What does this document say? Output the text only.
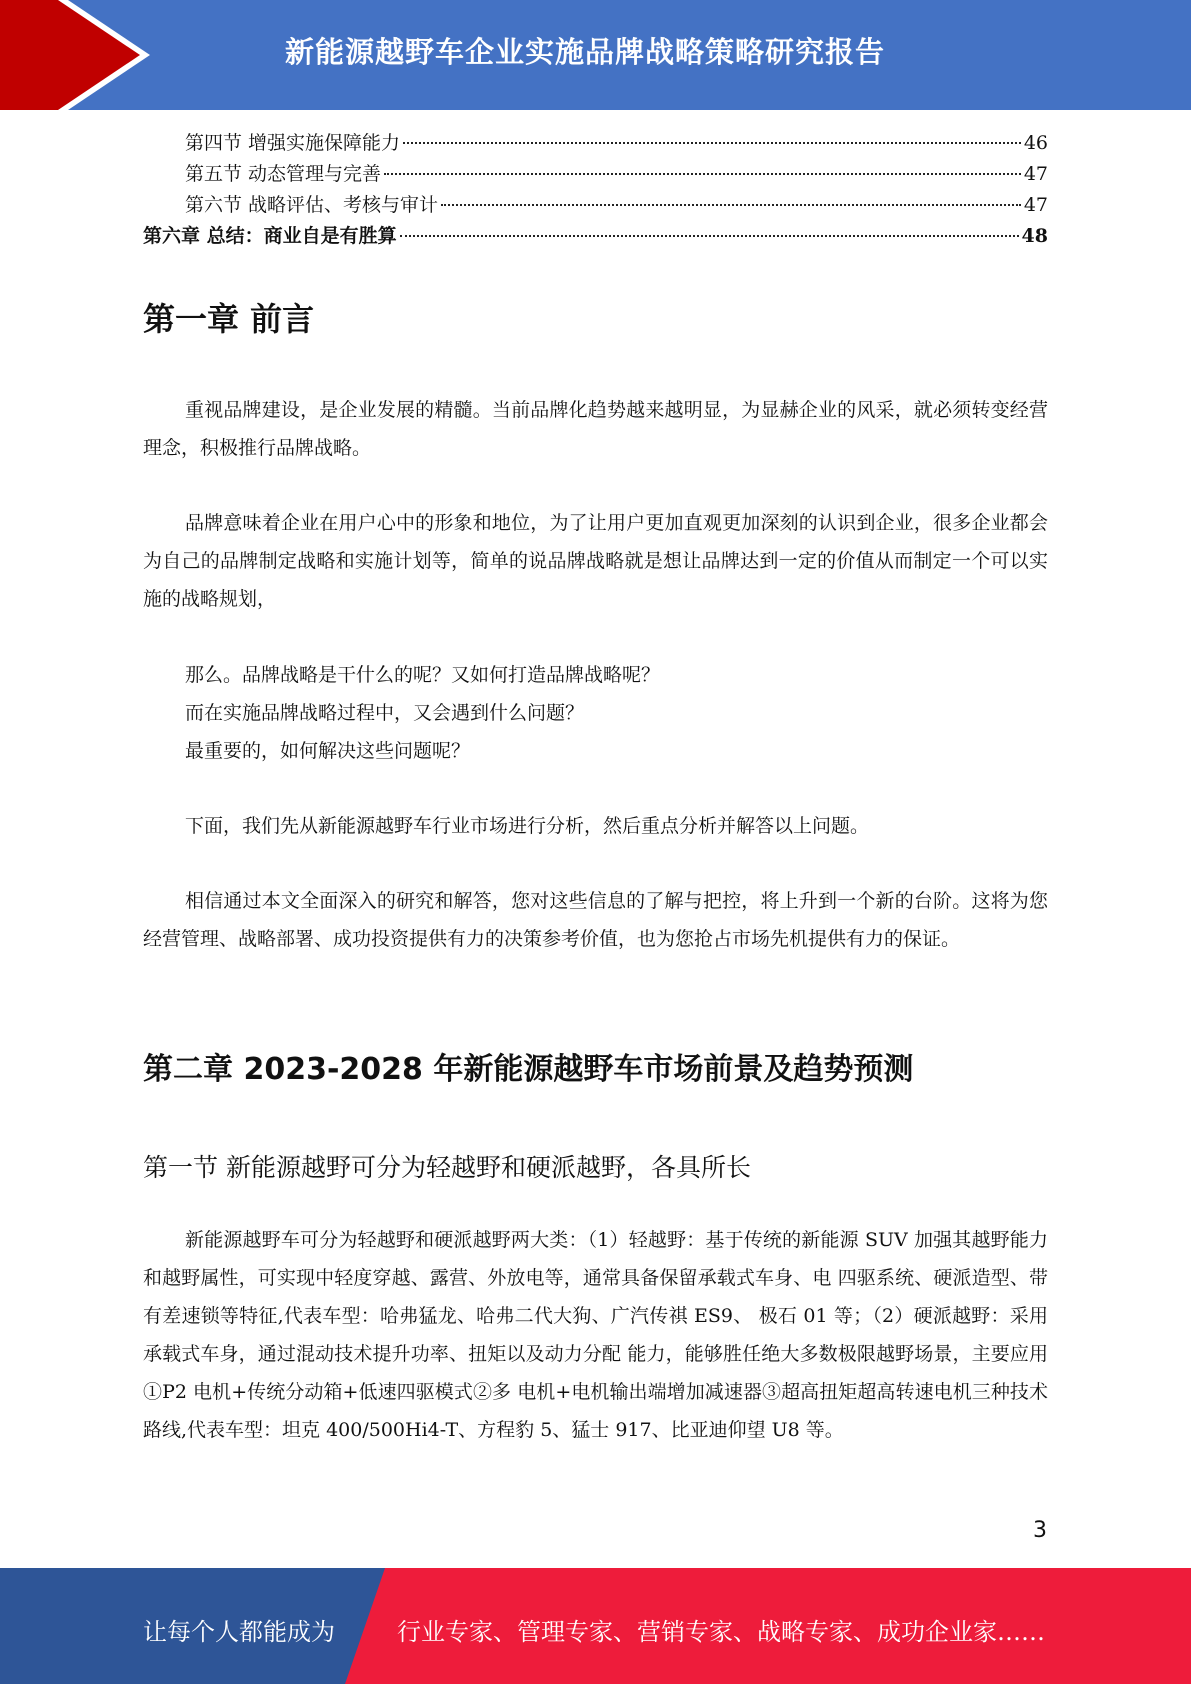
新能源越野车企业实施品牌战略策略研究报告
第四节 增强实施保障能力	46
第五节 动态管理与完善	47
第六节 战略评估、考核与审计	47
第六章 总结：商业自是有胜算	48
第一章 前言

重视品牌建设，是企业发展的精髓。当前品牌化趋势越来越明显，为显赫企业的风采，就必须转变经营理念，积极推行品牌战略。

品牌意味着企业在用户心中的形象和地位，为了让用户更加直观更加深刻的认识到企业，很多企业都会为自己的品牌制定战略和实施计划等，简单的说品牌战略就是想让品牌达到一定的价值从而制定一个可以实施的战略规划，

那么。品牌战略是干什么的呢？又如何打造品牌战略呢？

而在实施品牌战略过程中，又会遇到什么问题？

最重要的，如何解决这些问题呢？

下面，我们先从新能源越野车行业市场进行分析，然后重点分析并解答以上问题。

相信通过本文全面深入的研究和解答，您对这些信息的了解与把控，将上升到一个新的台阶。这将为您经营管理、战略部署、成功投资提供有力的决策参考价值，也为您抢占市场先机提供有力的保证。

第二章 2023-2028 年新能源越野车市场前景及趋势预测
第一节 新能源越野可分为轻越野和硬派越野，各具所长

新能源越野车可分为轻越野和硬派越野两大类：（1）轻越野：基于传统的新能源 SUV 加强其越野能力和越野属性，可实现中轻度穿越、露营、外放电等，通常具备保留承载式车身、电 四驱系统、硬派造型、带有差速锁等特征,代表车型：哈弗猛龙、哈弗二代大狗、广汽传祺 ES9、 极石 01 等；（2）硬派越野：采用承载式车身，通过混动技术提升功率、扭矩以及动力分配 能力，能够胜任绝大多数极限越野场景，主要应用①P2 电机+传统分动箱+低速四驱模式②多 电机+电机输出端增加减速器③超高扭矩超高转速电机三种技术路线,代表车型：坦克 400/500Hi4-T、方程豹 5、猛士 917、比亚迪仰望 U8 等。

3
让每个人都能成为	行业专家、管理专家、营销专家、战略专家、成功企业家……
